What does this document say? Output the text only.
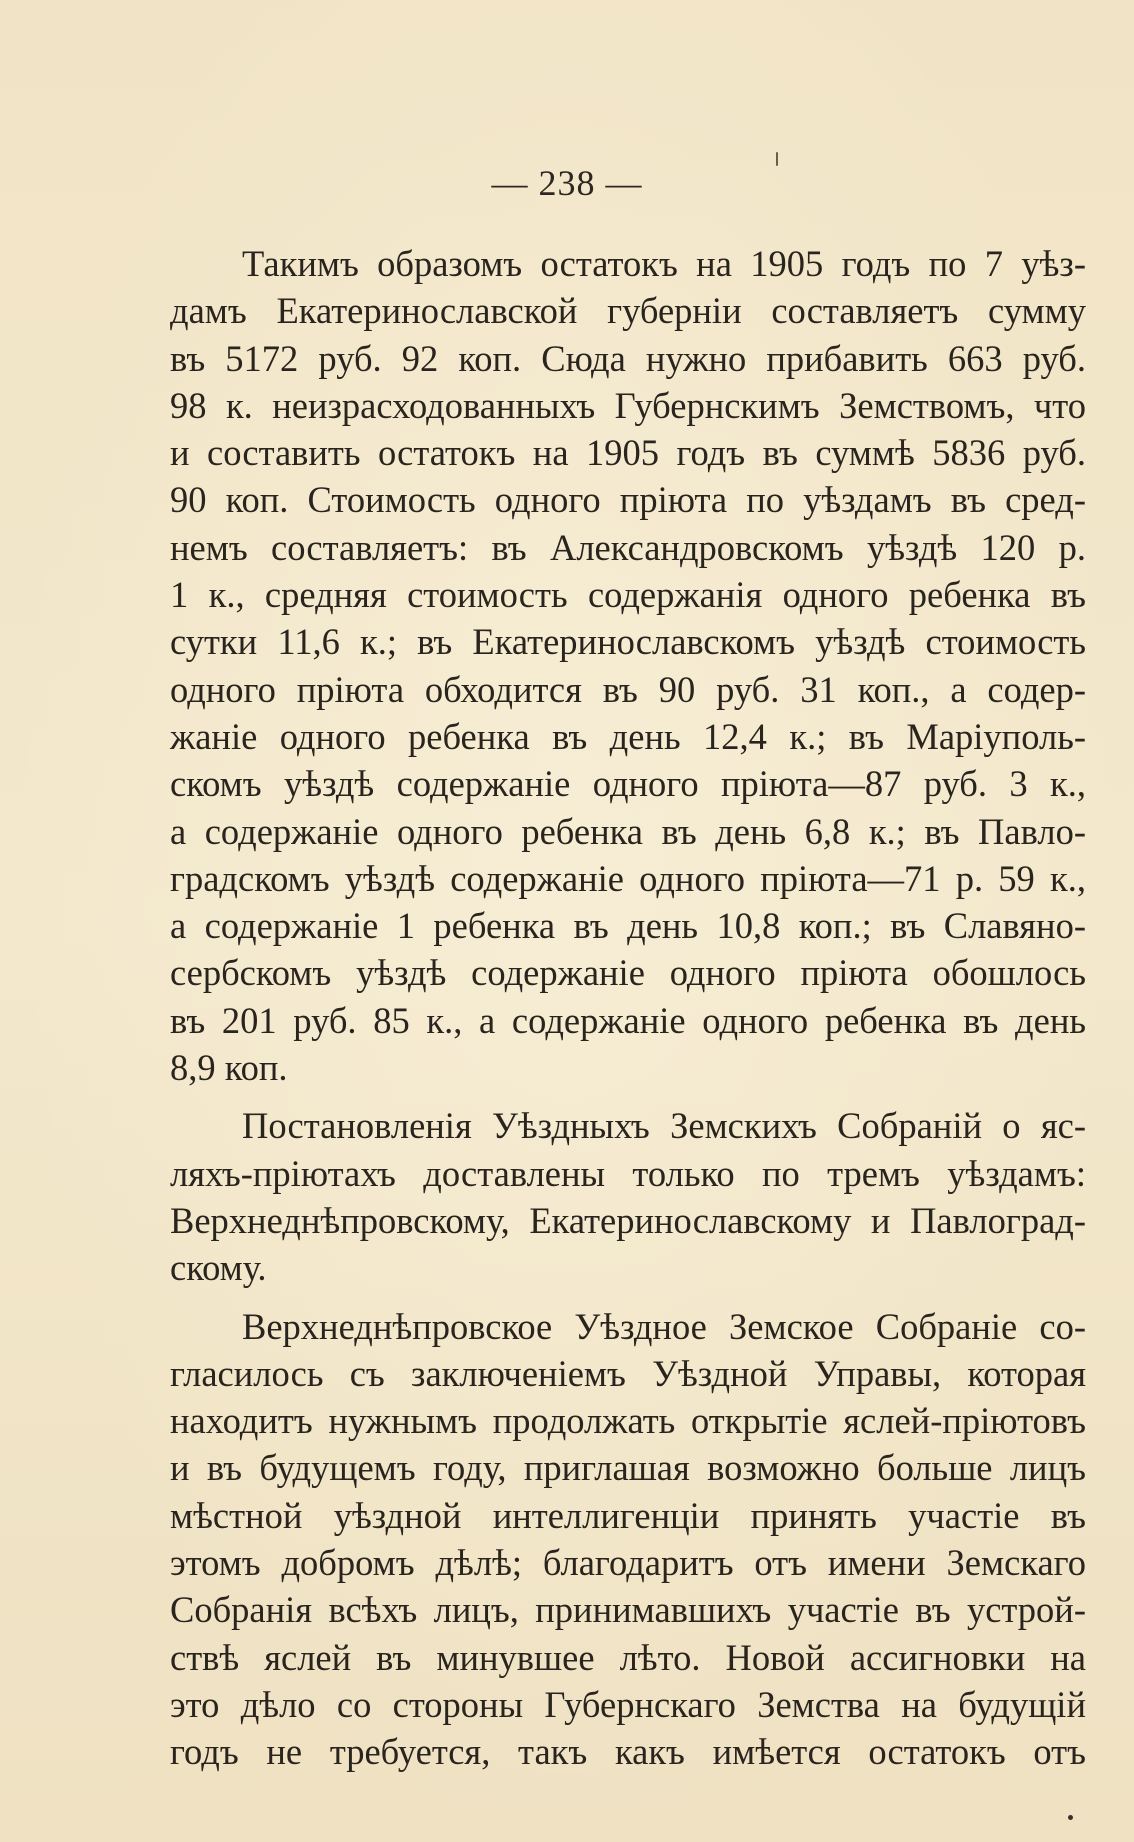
— 238 —
Такимъ образомъ остатокъ на 1905 годъ по 7 уѣз-
дамъ Екатеринославской губерніи составляетъ сумму
въ 5172 руб. 92 коп. Сюда нужно прибавить 663 руб.
98 к. неизрасходованныхъ Губернскимъ Земствомъ, что
и составить остатокъ на 1905 годъ въ суммѣ 5836 руб.
90 коп. Стоимость одного пріюта по уѣздамъ въ сред-
немъ составляетъ: въ Александровскомъ уѣздѣ 120 р.
1 к., средняя стоимость содержанія одного ребенка въ
сутки 11,6 к.; въ Екатеринославскомъ уѣздѣ стоимость
одного пріюта обходится въ 90 руб. 31 коп., а содер-
жаніе одного ребенка въ день 12,4 к.; въ Маріуполь-
скомъ уѣздѣ содержаніе одного пріюта—87 руб. 3 к.,
а содержаніе одного ребенка въ день 6,8 к.; въ Павло-
градскомъ уѣздѣ содержаніе одного пріюта—71 р. 59 к.,
а содержаніе 1 ребенка въ день 10,8 коп.; въ Славяно-
сербскомъ уѣздѣ содержаніе одного пріюта обошлось
въ 201 руб. 85 к., а содержаніе одного ребенка въ день
8,9 коп.
Постановленія Уѣздныхъ Земскихъ Собраній о яс-
ляхъ-пріютахъ доставлены только по тремъ уѣздамъ:
Верхнеднѣпровскому, Екатеринославскому и Павлоград-
скому.
Верхнеднѣпровское Уѣздное Земское Собраніе со-
гласилось съ заключеніемъ Уѣздной Управы, которая
находитъ нужнымъ продолжать открытіе яслей-пріютовъ
и въ будущемъ году, приглашая возможно больше лицъ
мѣстной уѣздной интеллигенціи принять участіе въ
этомъ добромъ дѣлѣ; благодаритъ отъ имени Земскаго
Собранія всѣхъ лицъ, принимавшихъ участіе въ устрой-
ствѣ яслей въ минувшее лѣто. Новой ассигновки на
это дѣло со стороны Губернскаго Земства на будущій
годъ не требуется, такъ какъ имѣется остатокъ отъ
